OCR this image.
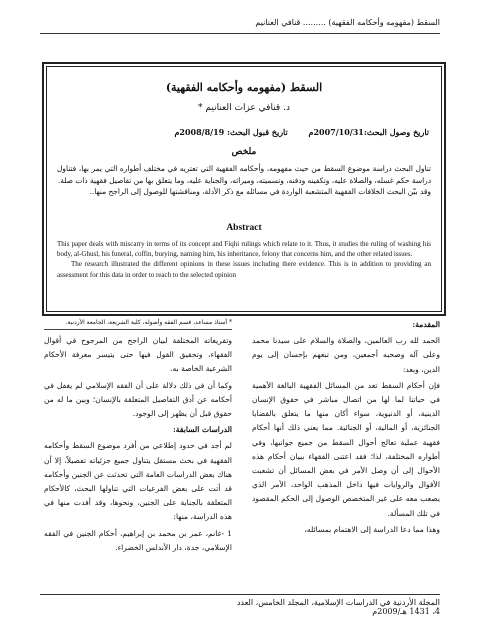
السقط (مفهومه وأحكامه الفقهية) ......... قنافي العنانيم
السقط (مفهومه وأحكامه الفقهية)
د. قنافي عزات العنانيم *
تاريخ وصول البحث:2007/10/31م تاريخ قبول البحث: 2008/8/19م
ملخص
تناول البحث دراسة موضوع السقط من حيث مفهومه، وأحكامه الفقهية التي تعتريه في مختلف أطواره التي يمر بها، فتناول دراسة حكم غسله، والصلاة عليه، وتكفينه ودفنه، وتسميته، وميراثه، والجناية عليه، وما يتعلق بها من تفاصيل فقهية ذات صلة.
وقد بيّن البحث الخلافات الفقهية المتشعبة الواردة في مسائله مع ذكر الأدلة، ومناقشتها للوصول إلى الراجح منها..
Abstract
This paper deals with miscarry in terms of its concept and Fiqhi rulings which relate to it. Thus, it studies the ruling of washing his body, al-Ghusl, his funeral, coffin, burying, naming him, his inheritance, felony that concerns him, and the other related issues.
The research illustrated the different opinions in these issues including there evidence. This is in addition to providing an assessment for this data in order to reach to the selected opinion

المقدمة:

الحمد لله رب العالمين، والصلاة والسلام على سيدنا محمد وعلى آله وصحبه أجمعين، ومن تبعهم بإحسان إلى يوم الدين، وبعد:

فإن أحكام السقط تعد من المسائل الفقهية البالغة الأهمية في حياتنا لما لها من اتصال مباشر في حقوق الإنسان الدينية، أو الدنيوية، سواء أكان منها ما يتعلق بالقضايا الجنائزية، أو المالية، أو الجنائية. مما يعني ذلك أنها أحكام فقهية عملية تعالج أحوال السقط من جميع جوانبها، وفي أطواره المختلفة، لذا؛ فقد اعتنى الفقهاء ببيان أحكام هذه الأحوال إلى أن وصل الأمر في بعض المسائل أن تشعبت الأقوال والروايات فيها داخل المذهب الواحد، الأمر الذي يصعب معه على غير المتخصص الوصول إلى الحكم المقصود في تلك المسألة.

وهذا مما دعا الدراسة إلى الاهتمام بمسائله،

* أستاذ مساعد، قسم الفقه وأصوله، كلية الشريعة، الجامعة الأردنية.

وتفريعاته المختلفة لبيان الراجح من المرجوح في أقوال الفقهاء، وتحقيق القول فيها حتى يتيسر معرفة الأحكام الشرعية الخاصة به.

وكما أن في ذلك دلالة على أن الفقه الإسلامي لم يغفل في أحكامه عن أدق التفاصيل المتعلقة بالإنسان؛ وبين ما له من حقوق قبل أن يظهر إلى الوجود.

الدراسات السابقة:

لم أجد في حدود إطلاعي من أفرد موضوع السقط وأحكامه الفقهية في بحث مستقل يتناول جميع جزئياته تفصيلاً، إلا أن هناك بعض الدراسات العامة التي تحدثت عن الجنين وأحكامه قد أتت على بعض الفرعيات التي تناولها البحث، كالأحكام المتعلقة بالجناية على الجنين، ونحوها، وقد أفدت منها في هذه الدراسة، منها:

1 -غانم، عمر بن محمد بن إبراهيم، أحكام الجنين في الفقه الإسلامي، جدة، دار الأندلس الخضراء.

المجلة الأردنية في الدراسات الإسلامية، المجلد الخامس، العدد
4، 1431 هـ/2009م
